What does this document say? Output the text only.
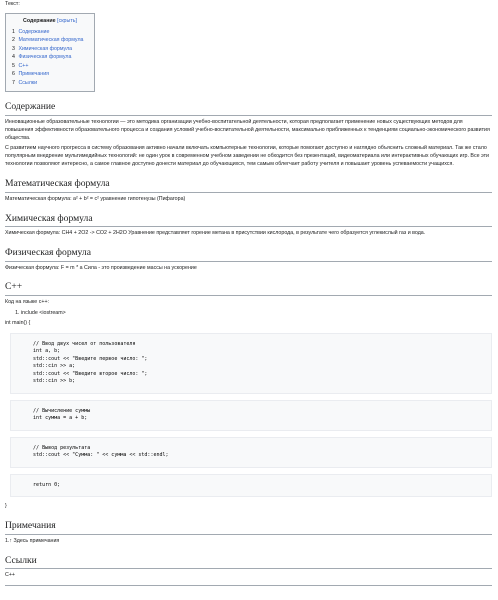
Текст:
Содержание [скрыть]
1 Содержание
2 Математическая формула
3 Химическая формула
4 Физическая формула
5 C++
6 Примечания
7 Ссылки
Содержание

Инновационные образовательные технологии — это методика организации учебно-воспитательной деятельности, которая предполагает применение новых существующих методов для повышения эффективности образовательного процесса и создания условий учебно-воспитательной деятельности, максимально приближенных к тенденциям социально-экономического развития общества.

С развитием научного прогресса в систему образования активно начали включать компьютерные технологии, которые помогают доступно и наглядно объяснить сложный материал. Так же стало популярным внедрение мультимедийных технологий: не один урок в современном учебном заведении не обходится без презентаций, видеоматериала или интерактивных обучающих игр. Все эти технологии позволяют интересно, а самое главное доступно донести материал до обучающихся, тем самым облегчает работу учителя и повышает уровень успеваемости учащихся.

Математическая формула

Математическая формула: a² + b² = c² уравнение гипотенузы (Пифагора)

Химическая формула

Химическая формула: CH4 + 2O2 -> CO2 + 2H2O Уравнение представляет горение метана в присутствии кислорода, в результате чего образуется углекислый газ и вода.

Физическая формула

Физическая формула: F = m * a Сила - это произведение массы на ускорение

C++

Код на языке c++:

1. include <iostream>
int main() {
// Ввод двух чисел от пользователя
int a, b;
std::cout << "Введите первое число: ";
std::cin >> a;
std::cout << "Введите второе число: ";
std::cin >> b;
// Вычисление суммы
int сумма = a + b;
// Вывод результата
std::cout << "Сумма: " << сумма << std::endl;
return 0;
}
Примечания

1.↑ Здесь примечания

Ссылки

C++
